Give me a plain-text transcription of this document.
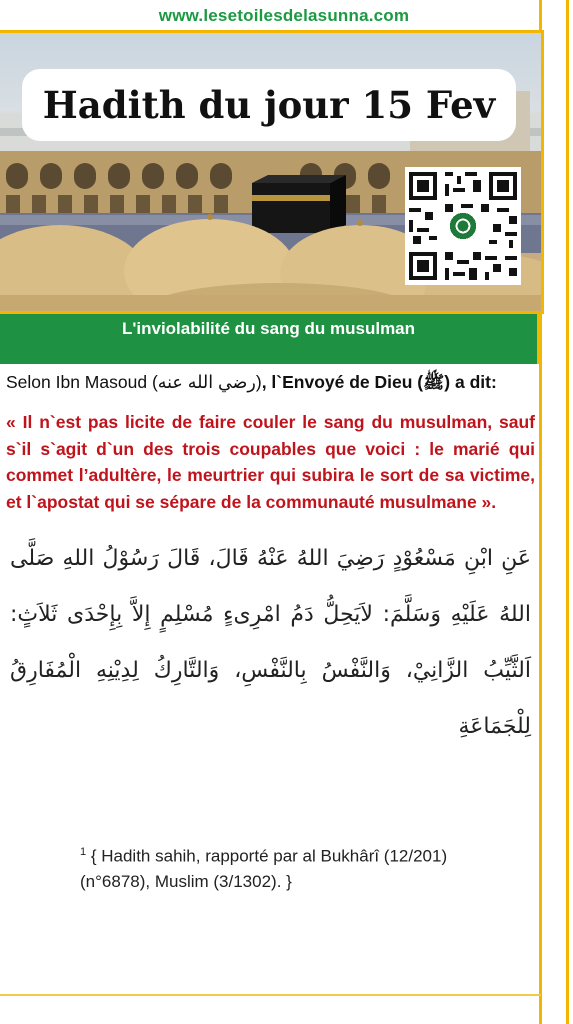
www.lesetoilesdelasunna.com
Hadith du jour 15 Fev
L'inviolabilité du sang du musulman

Selon Ibn Masoud (رضي الله عنه), l`Envoyé de Dieu (ﷺ) a dit:

« Il n`est pas licite de faire couler le sang du musulman, sauf s`il s`agit d`un des trois coupables que voici : le marié qui commet l’adultère, le meurtrier qui subira le sort de sa victime, et l`apostat qui se sépare de la communauté musulmane ».

عَنِ ابْنِ مَسْعُوْدٍ رَضِيَ اللهُ عَنْهُ قَالَ، قَالَ رَسُوْلُ اللهِ صَلَّى اللهُ عَلَيْهِ وَسَلَّمَ: لاَيَحِلُّ دَمُ امْرِىءٍ مُسْلِمٍ إِلاَّ بِإِحْدَى ثَلاَثٍ: اَلثَّيِّبُ الزَّانِيْ، وَالنَّفْسُ بِالنَّفْسِ، وَالتَّارِكُ لِدِيْنِهِ الْمُفَارِقُ لِلْجَمَاعَةِ
$^1$ { Hadith sahih, rapporté par al Bukhârî (12/201) (n°6878), Muslim (3/1302). }
